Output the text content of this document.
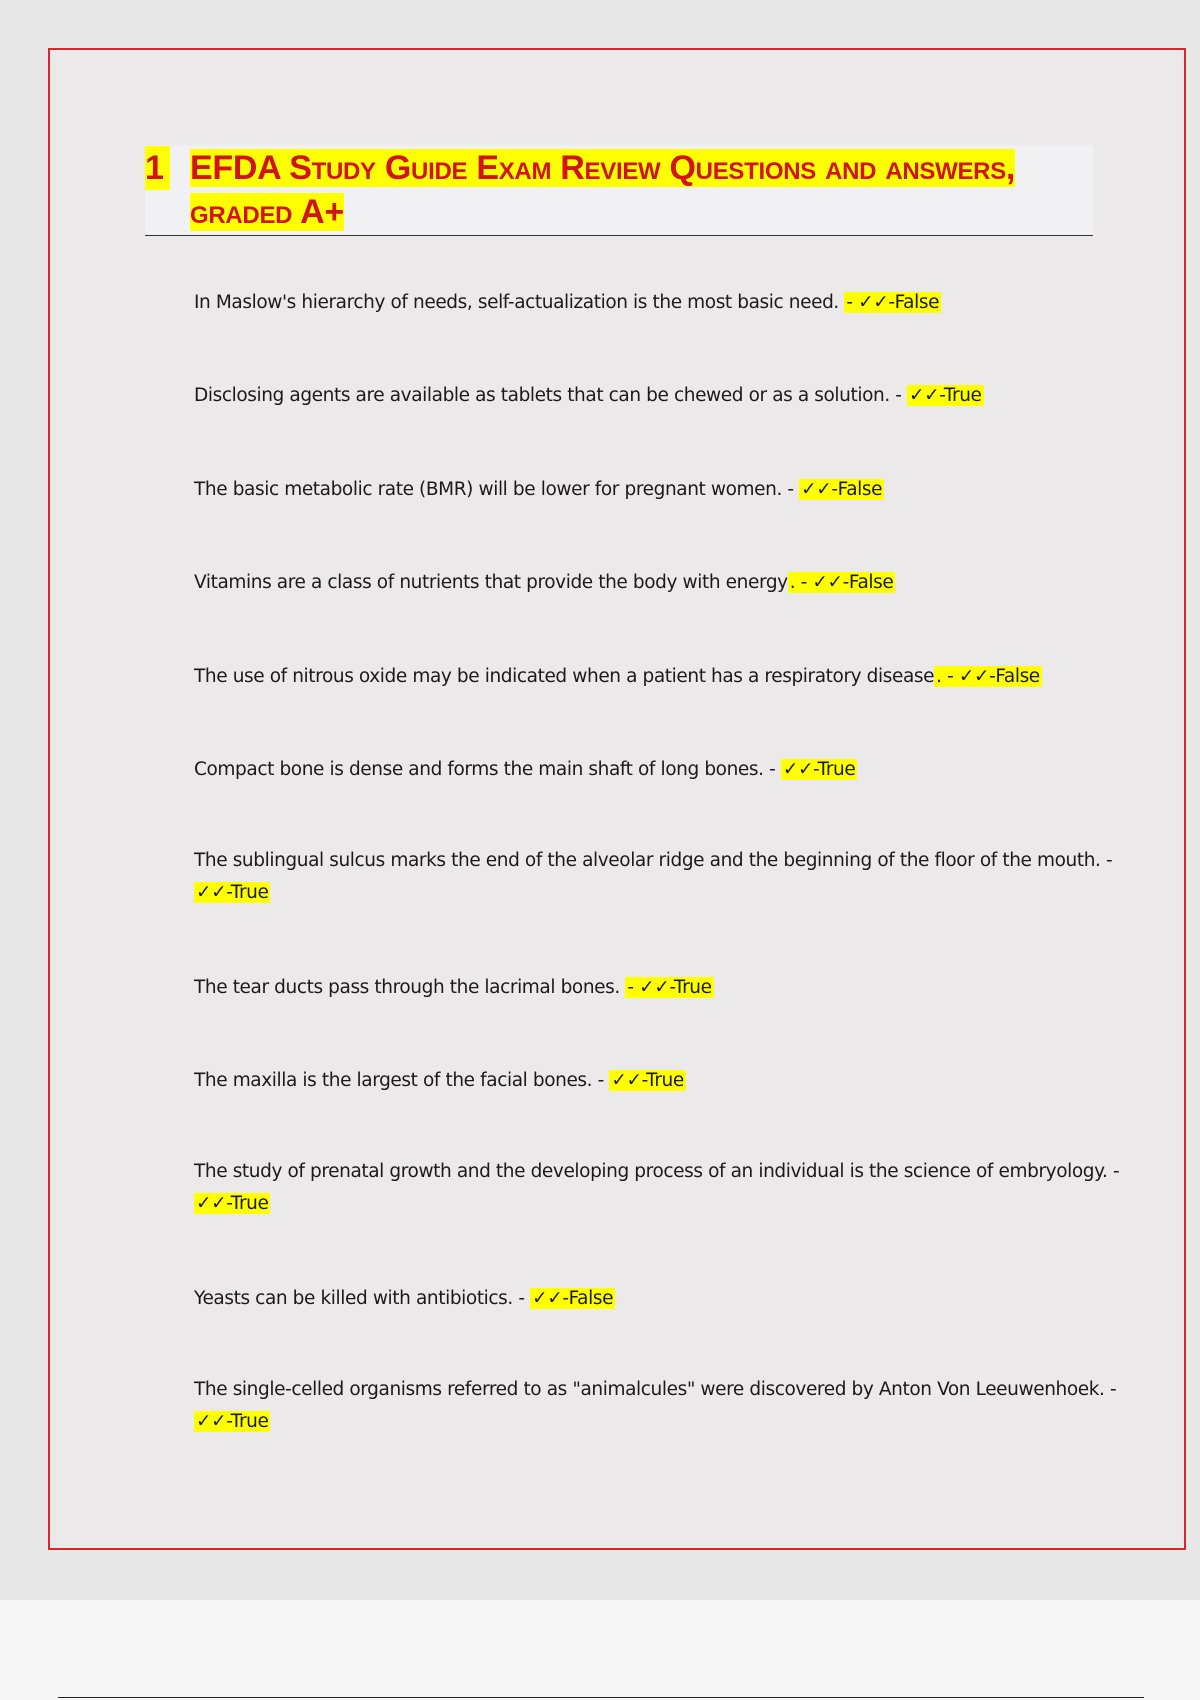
1 EFDA Study Guide Exam Review Questions and answers, graded A+
In Maslow's hierarchy of needs, self-actualization is the most basic need. - ✓✓-False
Disclosing agents are available as tablets that can be chewed or as a solution. - ✓✓-True
The basic metabolic rate (BMR) will be lower for pregnant women. - ✓✓-False
Vitamins are a class of nutrients that provide the body with energy . - ✓✓-False
The use of nitrous oxide may be indicated when a patient has a respiratory disease . - ✓✓-False
Compact bone is dense and forms the main shaft of long bones. - ✓✓-True
The sublingual sulcus marks the end of the alveolar ridge and the beginning of the floor of the mouth. - ✓✓-True
The tear ducts pass through the lacrimal bones. - ✓✓-True
The maxilla is the largest of the facial bones. - ✓✓-True
The study of prenatal growth and the developing process of an individual is the science of embryology. - ✓✓-True
Yeasts can be killed with antibiotics. - ✓✓-False
The single-celled organisms referred to as "animalcules" were discovered by Anton Von Leeuwenhoek. - ✓✓-True
